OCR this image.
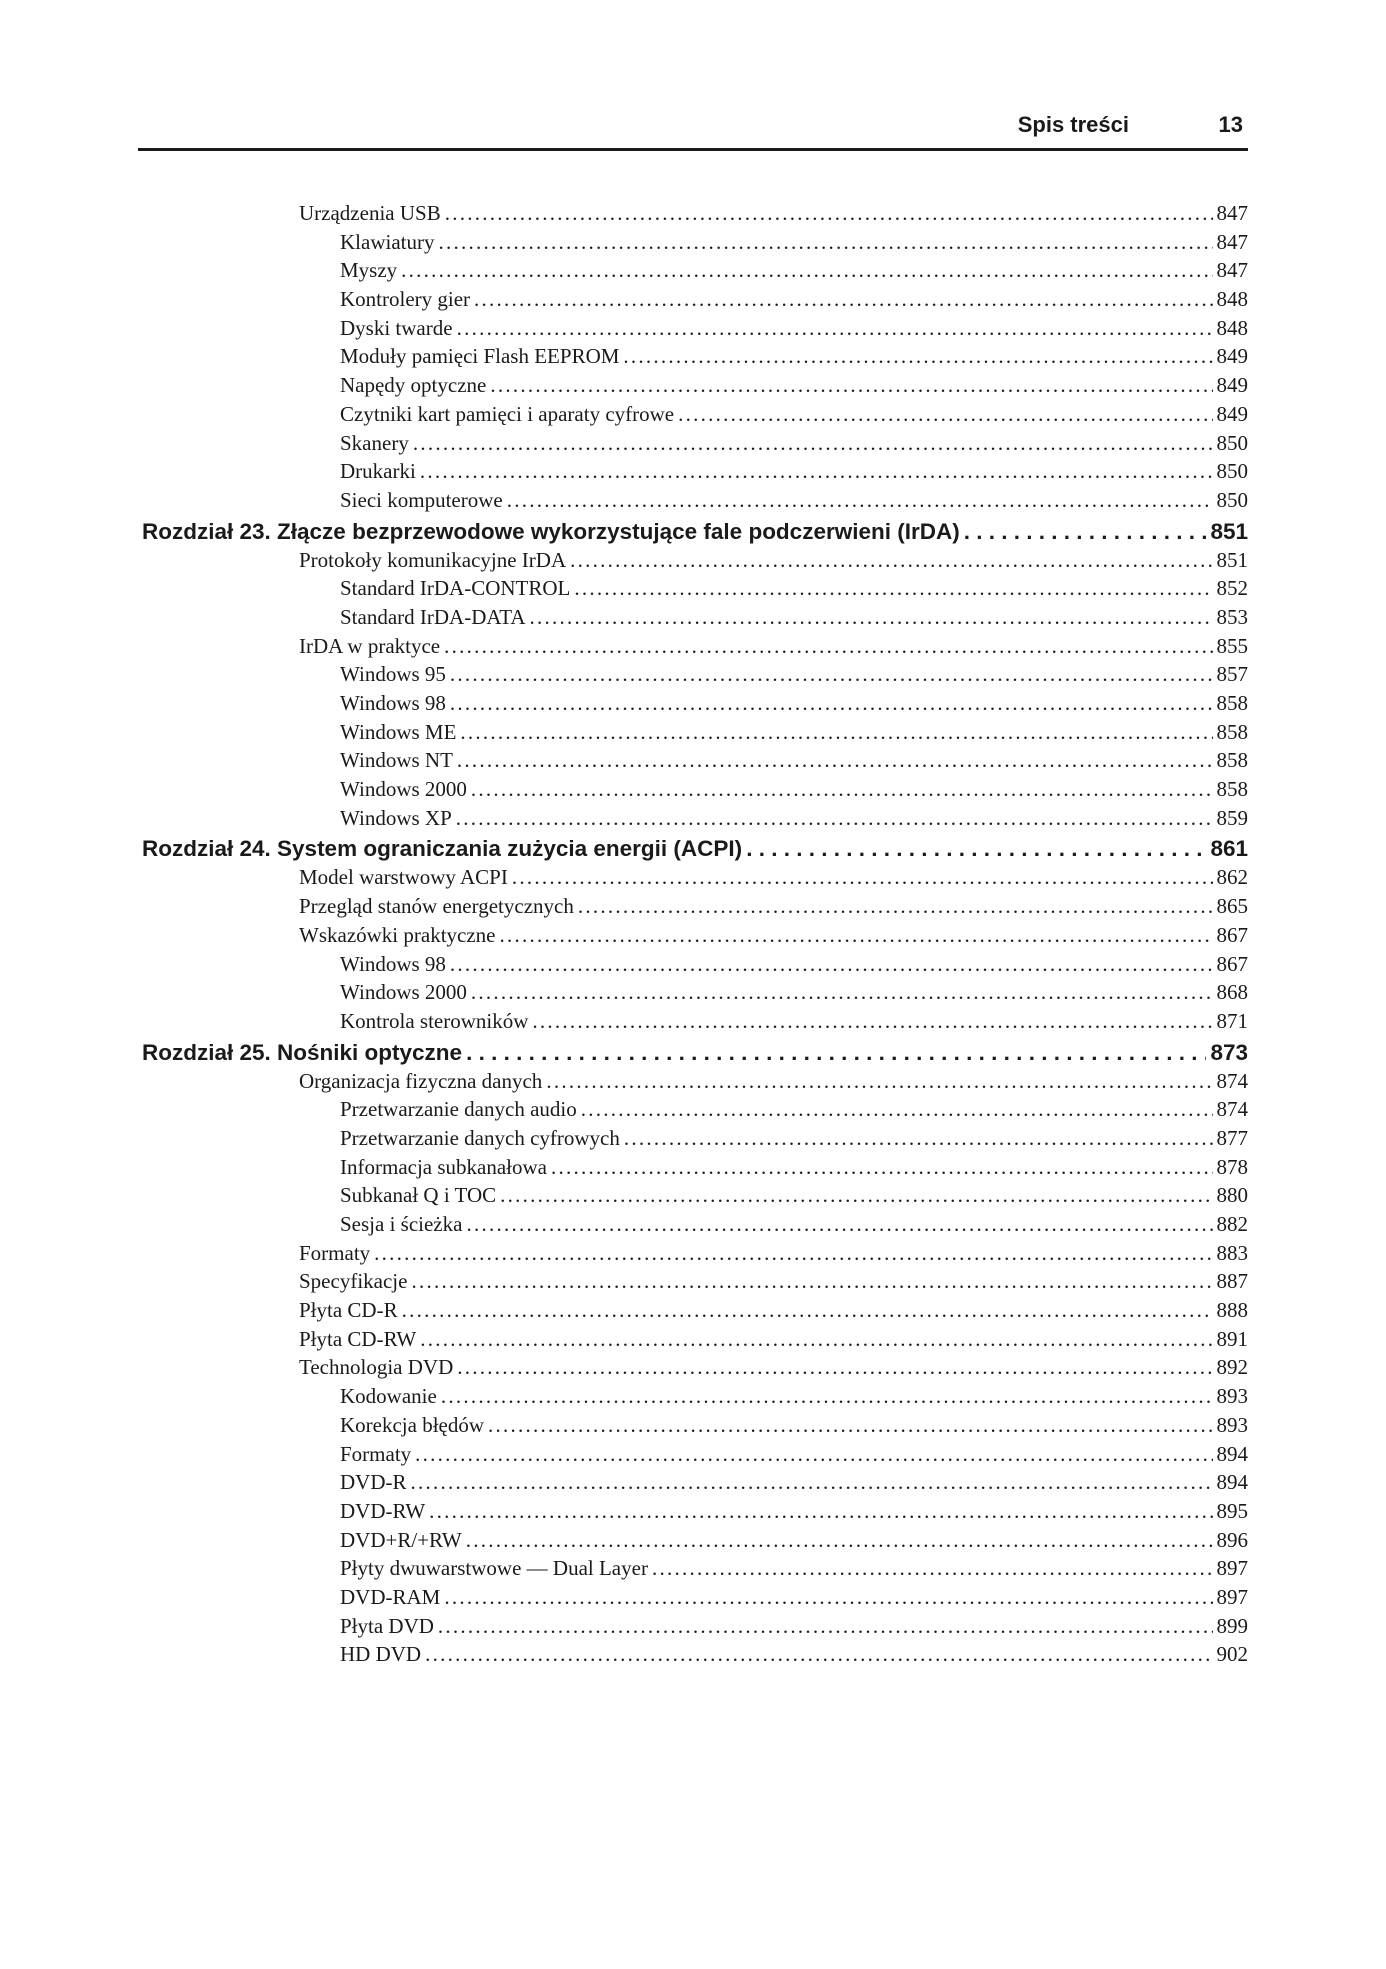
Spis treści	13
Urządzenia USB . . .	847
Klawiatury . . .	847
Myszy . . .	847
Kontrolery gier . . .	848
Dyski twarde . . .	848
Moduły pamięci Flash EEPROM . . .	849
Napędy optyczne . . .	849
Czytniki kart pamięci i aparaty cyfrowe . . .	849
Skanery . . .	850
Drukarki . . .	850
Sieci komputerowe . . .	850
Rozdział 23. Złącze bezprzewodowe wykorzystujące fale podczerwieni (IrDA) . . .	851
Protokoły komunikacyjne IrDA . . .	851
Standard IrDA-CONTROL . . .	852
Standard IrDA-DATA . . .	853
IrDA w praktyce . . .	855
Windows 95 . . .	857
Windows 98 . . .	858
Windows ME . . .	858
Windows NT . . .	858
Windows 2000 . . .	858
Windows XP . . .	859
Rozdział 24. System ograniczania zużycia energii (ACPI) . . .	861
Model warstwowy ACPI . . .	862
Przegląd stanów energetycznych . . .	865
Wskazówki praktyczne . . .	867
Windows 98 . . .	867
Windows 2000 . . .	868
Kontrola sterowników . . .	871
Rozdział 25. Nośniki optyczne . . .	873
Organizacja fizyczna danych . . .	874
Przetwarzanie danych audio . . .	874
Przetwarzanie danych cyfrowych . . .	877
Informacja subkanałowa . . .	878
Subkanał Q i TOC . . .	880
Sesja i ścieżka . . .	882
Formaty . . .	883
Specyfikacje . . .	887
Płyta CD-R . . .	888
Płyta CD-RW . . .	891
Technologia DVD . . .	892
Kodowanie . . .	893
Korekcja błędów . . .	893
Formaty . . .	894
DVD-R . . .	894
DVD-RW . . .	895
DVD+R/+RW . . .	896
Płyty dwuwarstwowe — Dual Layer . . .	897
DVD-RAM . . .	897
Płyta DVD . . .	899
HD DVD . . .	902
